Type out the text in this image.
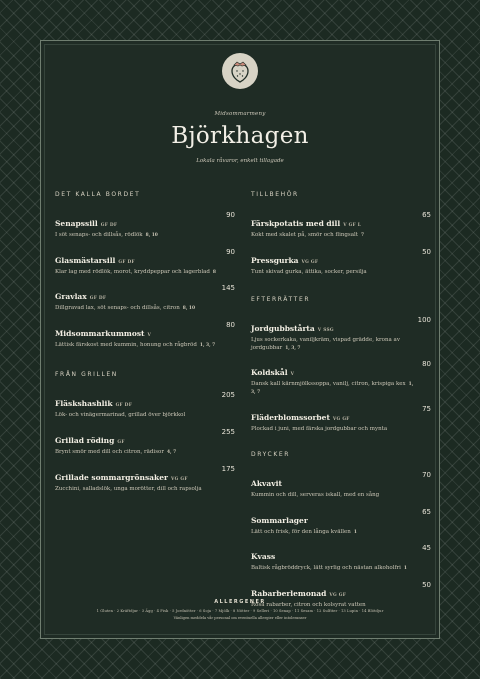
Midsommarmeny
Björkhagen
Lokala råvaror, enkelt tillagade
DET KALLA BORDET
Senapssill GF DF
90
I söt senaps- och dillsås, rödlök 8, 10
Glasmästarsill GF DF
90
Klar lag med rödlök, morot, kryddpeppar och lagerblad 8
Gravlax GF DF
145
Dillgravad lax, söt senaps- och dillsås, citron 8, 10
Midsommarkummost V
80
Lättisk färskost med kummin, honung och rågbröd 1, 3, 7
FRÅN GRILLEN
Fläskshashlik GF DF
205
Lök- och vinägermarinad, grillad över björkkol
Grillad röding GF
255
Brynt smör med dill och citron, rädisor 4, 7
Grillade sommargrönsaker VG GF
175
Zucchini, salladslök, unga morötter, dill och rapsolja
TILLBEHÖR
Färskpotatis med dill V GF L
65
Kokt med skalet på, smör och flingsalt 7
Pressgurka VG GF
50
Tunt skivad gurka, ättika, socker, persilja
EFTERRÄTTER
Jordgubbstårta V SSG
100
Ljus sockerkaka, vaniljkräm, vispad grädde, krona av jordgubbar 1, 3, 7
Koldskål V
80
Dansk kall kärnmjölkssoppa, vanilj, citron, krispiga kex 1, 3, 7
Fläderblomssorbet VG GF
75
Plockad i juni, med färska jordgubbar och mynta
DRYCKER
Akvavit
70
Kummin och dill, serveras iskall, med en sång
Sommarlager
65
Lätt och frisk, för den långa kvällen 1
Kvass
45
Baltisk rågbröddryck, lätt syrlig och nästan alkoholfri 1
Rabarberlemonad VG GF
50
Rosa rabarber, citron och kolsyrat vatten
ALLERGENER
1 Gluten · 2 Kräftdjur · 3 Ägg · 4 Fisk · 5 Jordnötter · 6 Soja · 7 Mjölk · 8 Nötter · 9 Selleri · 10 Senap · 11 Sesam · 12 Sulfiter · 13 Lupin · 14 Blötdjur
Vänligen meddela vår personal om eventuella allergier eller intoleranser
